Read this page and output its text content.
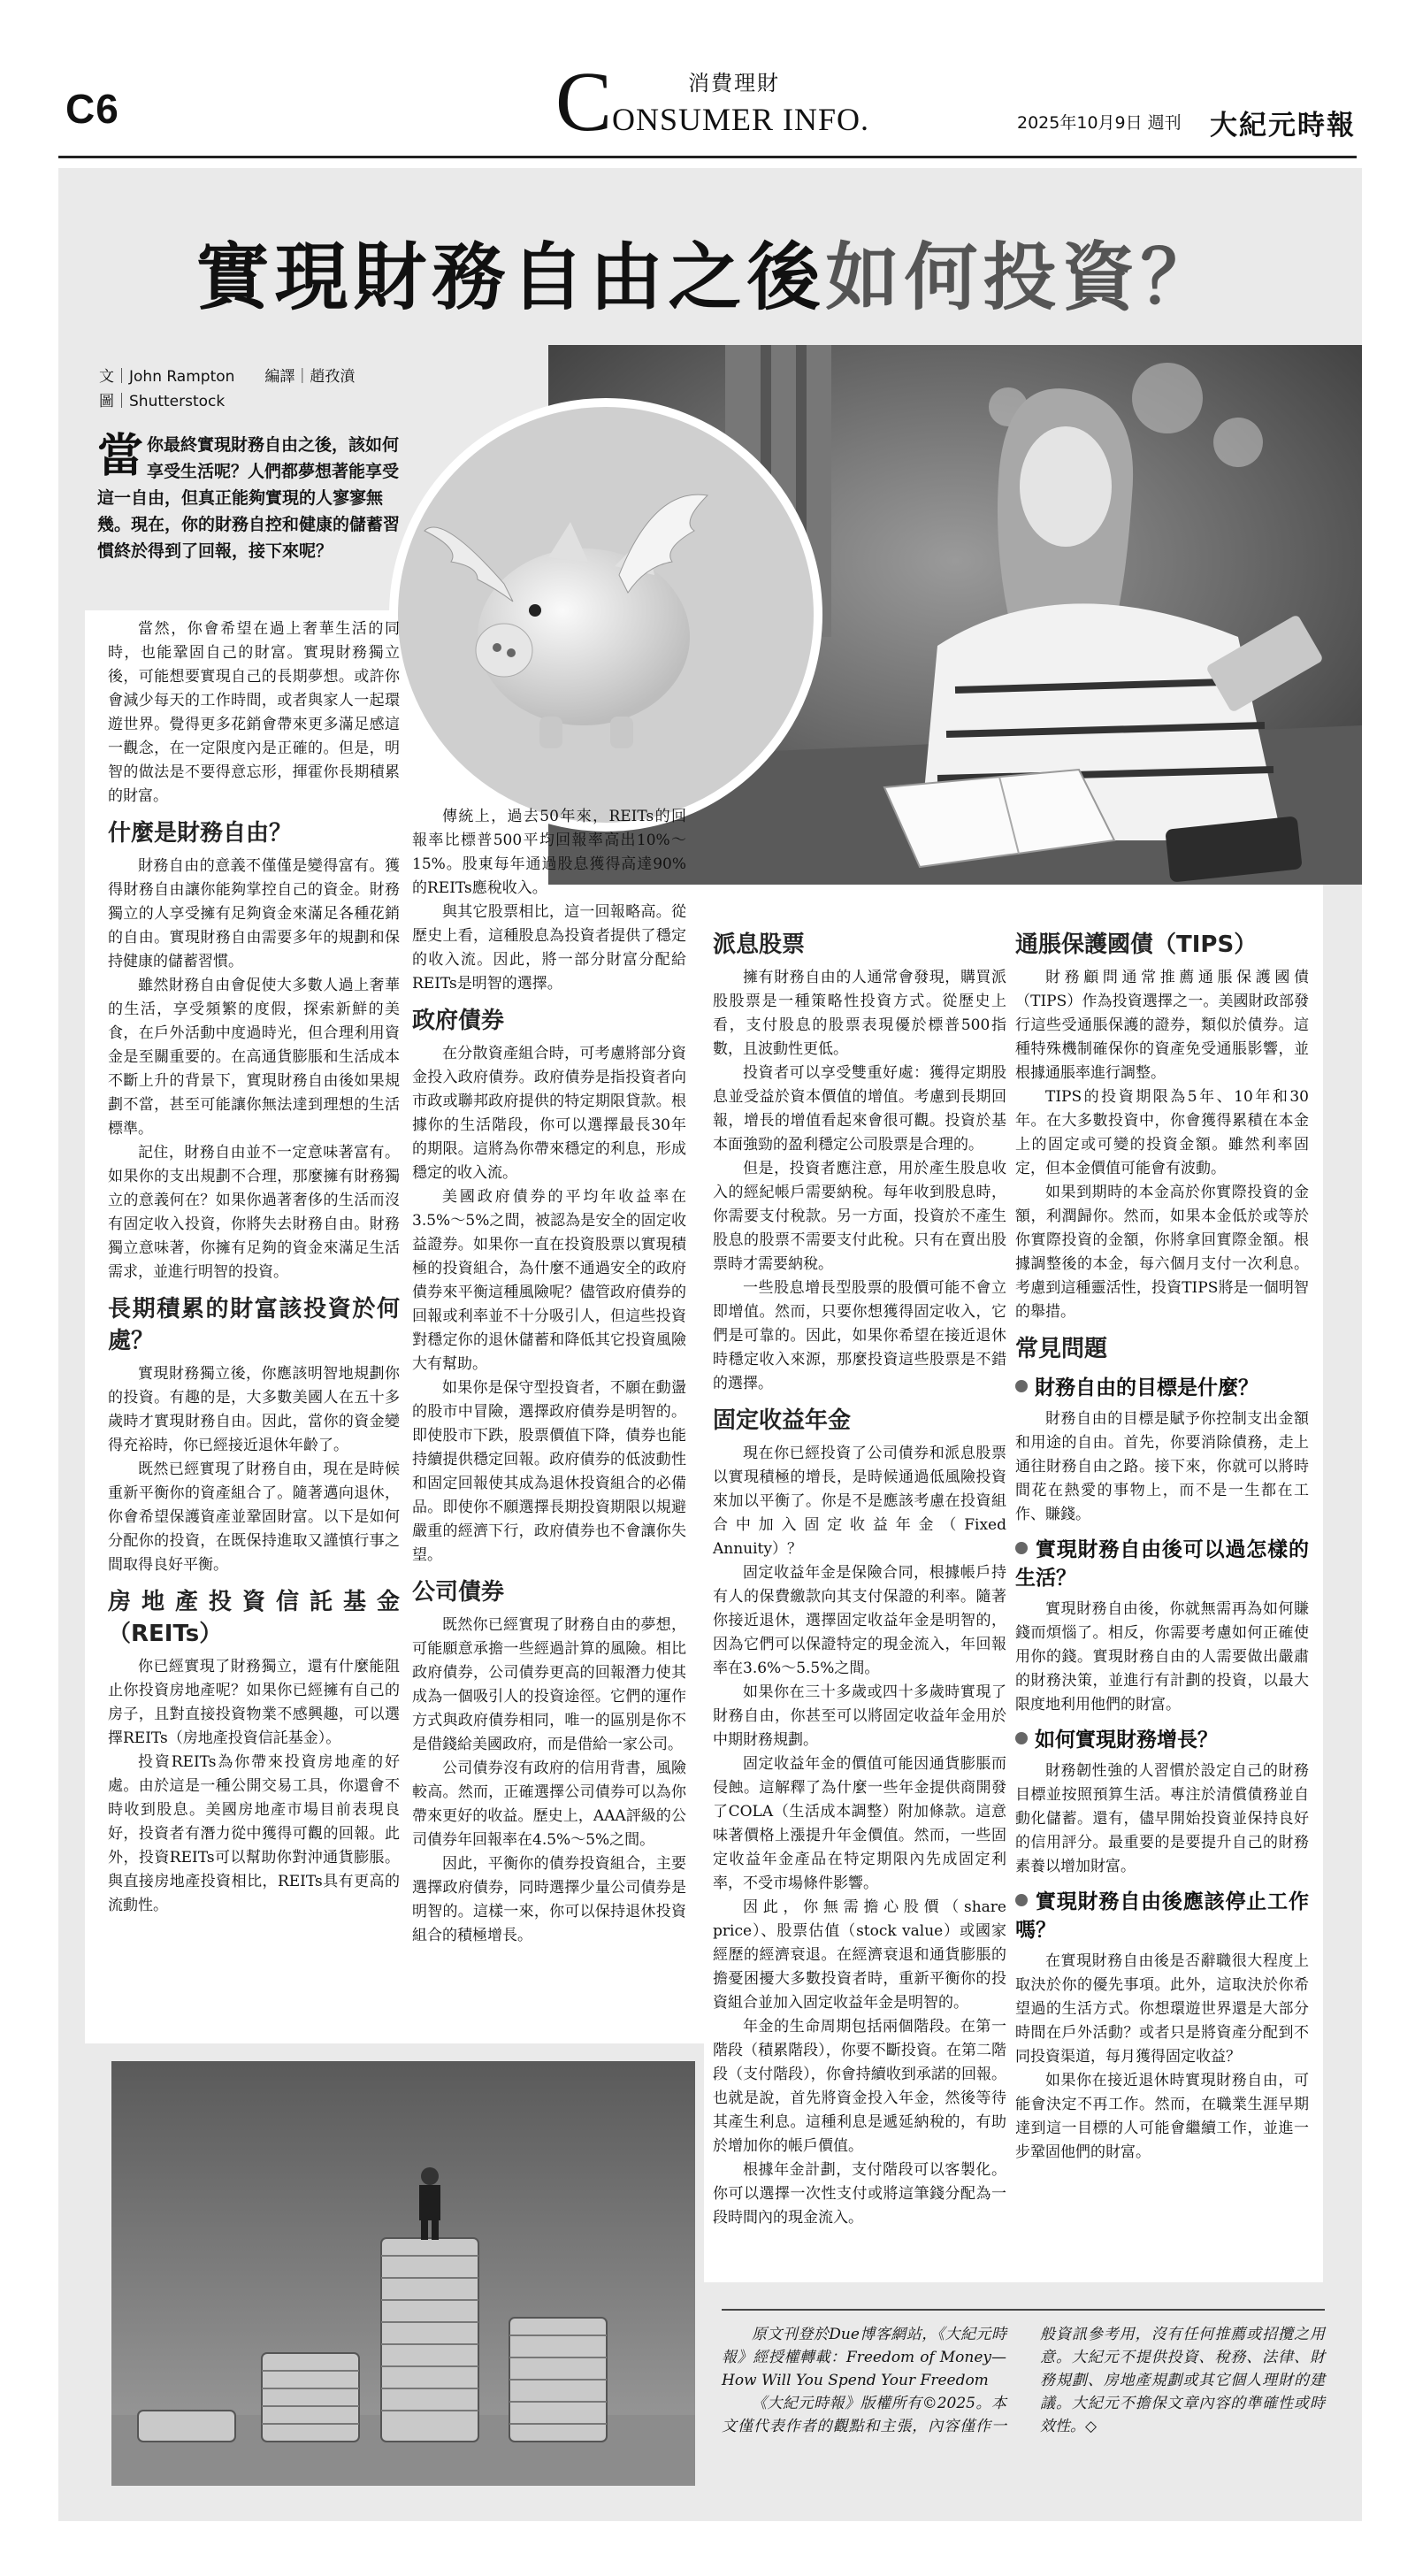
C6	C	消費理財
ONSUMER INFO.	2025年10月9日 週刊 大紀元時報
實現財務自由之後如何投資？
文｜John Rampton　　編譯｜趙孜濆
圖｜Shutterstock
當你最終實現財務自由之後，該如何享受生活呢？人們都夢想著能享受這一自由，但真正能夠實現的人寥寥無幾。現在，你的財務自控和健康的儲蓄習慣終於得到了回報，接下來呢？

當然，你會希望在過上奢華生活的同時，也能鞏固自己的財富。實現財務獨立後，可能想要實現自己的長期夢想。或許你會減少每天的工作時間，或者與家人一起環遊世界。覺得更多花銷會帶來更多滿足感這一觀念，在一定限度內是正確的。但是，明智的做法是不要得意忘形，揮霍你長期積累的財富。

什麼是財務自由？

財務自由的意義不僅僅是變得富有。獲得財務自由讓你能夠掌控自己的資金。財務獨立的人享受擁有足夠資金來滿足各種花銷的自由。實現財務自由需要多年的規劃和保持健康的儲蓄習慣。

雖然財務自由會促使大多數人過上奢華的生活，享受頻繁的度假，探索新鮮的美食，在戶外活動中度過時光，但合理利用資金是至關重要的。在高通貨膨脹和生活成本不斷上升的背景下，實現財務自由後如果規劃不當，甚至可能讓你無法達到理想的生活標準。

記住，財務自由並不一定意味著富有。如果你的支出規劃不合理，那麼擁有財務獨立的意義何在？如果你過著奢侈的生活而沒有固定收入投資，你將失去財務自由。財務獨立意味著，你擁有足夠的資金來滿足生活需求，並進行明智的投資。

長期積累的財富該投資於何處？

實現財務獨立後，你應該明智地規劃你的投資。有趣的是，大多數美國人在五十多歲時才實現財務自由。因此，當你的資金變得充裕時，你已經接近退休年齡了。

既然已經實現了財務自由，現在是時候重新平衡你的資產組合了。隨著邁向退休，你會希望保護資產並鞏固財富。以下是如何分配你的投資，在既保持進取又謹慎行事之間取得良好平衡。

房地產投資信託基金（REITs）

你已經實現了財務獨立，還有什麼能阻止你投資房地產呢？如果你已經擁有自己的房子，且對直接投資物業不感興趣，可以選擇REITs（房地產投資信託基金）。

投資REITs為你帶來投資房地產的好處。由於這是一種公開交易工具，你還會不時收到股息。美國房地產市場目前表現良好，投資者有潛力從中獲得可觀的回報。此外，投資REITs可以幫助你對沖通貨膨脹。與直接房地產投資相比，REITs具有更高的流動性。

傳統上，過去50年來，REITs的回報率比標普500平均回報率高出10%～15%。股東每年通過股息獲得高達90%的REITs應稅收入。

與其它股票相比，這一回報略高。從歷史上看，這種股息為投資者提供了穩定的收入流。因此，將一部分財富分配給REITs是明智的選擇。

政府債券

在分散資產組合時，可考慮將部分資金投入政府債券。政府債券是指投資者向市政或聯邦政府提供的特定期限貸款。根據你的生活階段，你可以選擇最長30年的期限。這將為你帶來穩定的利息，形成穩定的收入流。

美國政府債券的平均年收益率在3.5%～5%之間，被認為是安全的固定收益證券。如果你一直在投資股票以實現積極的投資組合，為什麼不通過安全的政府債券來平衡這種風險呢？儘管政府債券的回報或利率並不十分吸引人，但這些投資對穩定你的退休儲蓄和降低其它投資風險大有幫助。

如果你是保守型投資者，不願在動盪的股市中冒險，選擇政府債券是明智的。即使股市下跌，股票價值下降，債券也能持續提供穩定回報。政府債券的低波動性和固定回報使其成為退休投資組合的必備品。即使你不願選擇長期投資期限以規避嚴重的經濟下行，政府債券也不會讓你失望。

公司債券

既然你已經實現了財務自由的夢想，可能願意承擔一些經過計算的風險。相比政府債券，公司債券更高的回報潛力使其成為一個吸引人的投資途徑。它們的運作方式與政府債券相同，唯一的區別是你不是借錢給美國政府，而是借給一家公司。

公司債券沒有政府的信用背書，風險較高。然而，正確選擇公司債券可以為你帶來更好的收益。歷史上，AAA評級的公司債券年回報率在4.5%～5%之間。

因此，平衡你的債券投資組合，主要選擇政府債券，同時選擇少量公司債券是明智的。這樣一來，你可以保持退休投資組合的積極增長。

派息股票

擁有財務自由的人通常會發現，購買派股股票是一種策略性投資方式。從歷史上看，支付股息的股票表現優於標普500指數，且波動性更低。

投資者可以享受雙重好處：獲得定期股息並受益於資本價值的增值。考慮到長期回報，增長的增值看起來會很可觀。投資於基本面強勁的盈利穩定公司股票是合理的。

但是，投資者應注意，用於產生股息收入的經紀帳戶需要納稅。每年收到股息時，你需要支付稅款。另一方面，投資於不產生股息的股票不需要支付此稅。只有在賣出股票時才需要納稅。

一些股息增長型股票的股價可能不會立即增值。然而，只要你想獲得固定收入，它們是可靠的。因此，如果你希望在接近退休時穩定收入來源，那麼投資這些股票是不錯的選擇。

固定收益年金

現在你已經投資了公司債券和派息股票以實現積極的增長，是時候通過低風險投資來加以平衡了。你是不是應該考慮在投資組合中加入固定收益年金（Fixed Annuity）？

固定收益年金是保險合同，根據帳戶持有人的保費繳款向其支付保證的利率。隨著你接近退休，選擇固定收益年金是明智的，因為它們可以保證特定的現金流入，年回報率在3.6%～5.5%之間。

如果你在三十多歲或四十多歲時實現了財務自由，你甚至可以將固定收益年金用於中期財務規劃。

固定收益年金的價值可能因通貨膨脹而侵蝕。這解釋了為什麼一些年金提供商開發了COLA（生活成本調整）附加條款。這意味著價格上漲提升年金價值。然而，一些固定收益年金產品在特定期限內先成固定利率，不受市場條件影響。

因此，你無需擔心股價（share price）、股票估值（stock value）或國家經歷的經濟衰退。在經濟衰退和通貨膨脹的擔憂困擾大多數投資者時，重新平衡你的投資組合並加入固定收益年金是明智的。

年金的生命周期包括兩個階段。在第一階段（積累階段），你要不斷投資。在第二階段（支付階段），你會持續收到承諾的回報。也就是說，首先將資金投入年金，然後等待其產生利息。這種利息是遞延納稅的，有助於增加你的帳戶價值。

根據年金計劃，支付階段可以客製化。你可以選擇一次性支付或將這筆錢分配為一段時間內的現金流入。

通脹保護國債（TIPS）

財務顧問通常推薦通脹保護國債（TIPS）作為投資選擇之一。美國財政部發行這些受通脹保護的證券，類似於債券。這種特殊機制確保你的資產免受通脹影響，並根據通脹率進行調整。

TIPS的投資期限為5年、10年和30年。在大多數投資中，你會獲得累積在本金上的固定或可變的投資金額。雖然利率固定，但本金價值可能會有波動。

如果到期時的本金高於你實際投資的金額，利潤歸你。然而，如果本金低於或等於你實際投資的金額，你將拿回實際金額。根據調整後的本金，每六個月支付一次利息。考慮到這種靈活性，投資TIPS將是一個明智的舉措。

常見問題
財務自由的目標是什麼？

財務自由的目標是賦予你控制支出金額和用途的自由。首先，你要消除債務，走上通往財務自由之路。接下來，你就可以將時間花在熱愛的事物上，而不是一生都在工作、賺錢。

實現財務自由後可以過怎樣的生活？

實現財務自由後，你就無需再為如何賺錢而煩惱了。相反，你需要考慮如何正確使用你的錢。實現財務自由的人需要做出嚴肅的財務決策，並進行有計劃的投資，以最大限度地利用他們的財富。

如何實現財務增長？

財務韌性強的人習慣於設定自己的財務目標並按照預算生活。專注於清償債務並自動化儲蓄。還有，儘早開始投資並保持良好的信用評分。最重要的是要提升自己的財務素養以增加財富。

實現財務自由後應該停止工作嗎？

在實現財務自由後是否辭職很大程度上取決於你的優先事項。此外，這取決於你希望過的生活方式。你想環遊世界還是大部分時間在戶外活動？或者只是將資產分配到不同投資渠道，每月獲得固定收益？

如果你在接近退休時實現財務自由，可能會決定不再工作。然而，在職業生涯早期達到這一目標的人可能會繼續工作，並進一步鞏固他們的財富。

原文刊登於Due博客網站，《大紀元時報》經授權轉載：Freedom of Money—How Will You Spend Your Freedom

《大紀元時報》版權所有©2025。本文僅代表作者的觀點和主張，內容僅作一般資訊參考用，沒有任何推薦或招攬之用意。大紀元不提供投資、稅務、法律、財務規劃、房地產規劃或其它個人理財的建議。大紀元不擔保文章內容的準確性或時效性。◇
